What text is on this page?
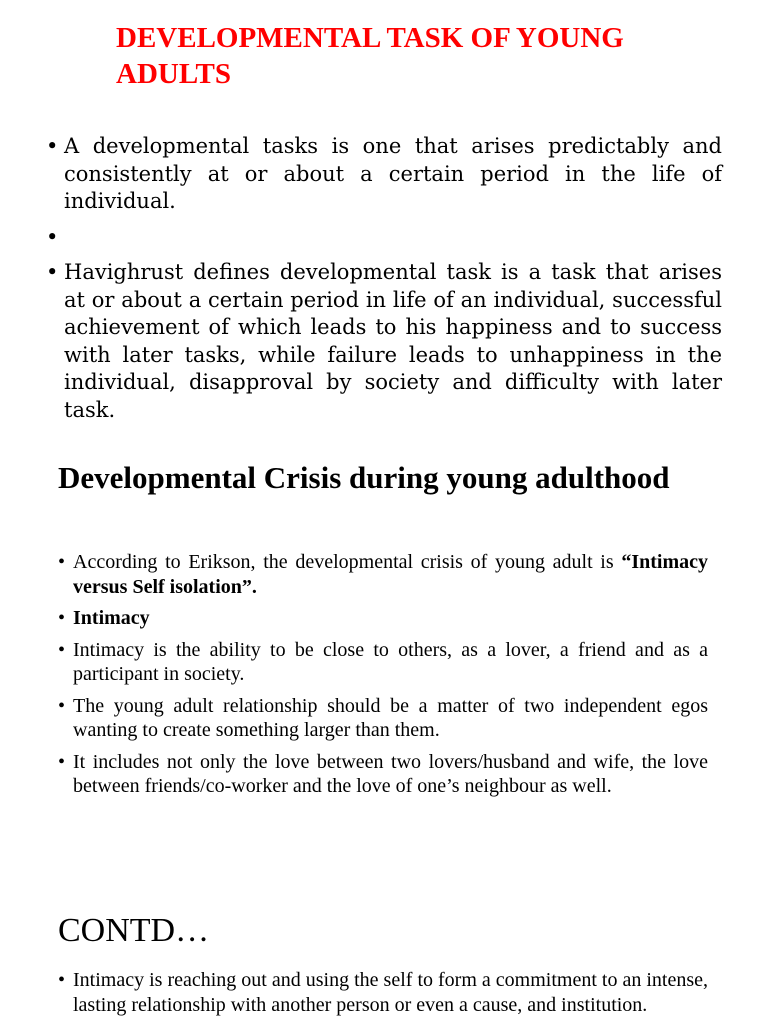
DEVELOPMENTAL TASK OF YOUNG ADULTS
• A developmental tasks is one that arises predictably and consistently at or about a certain period in the life of individual.
•
• Havighrust defines developmental task is a task that arises at or about a certain period in life of an individual, successful achievement of which leads to his happiness and to success with later tasks, while failure leads to unhappiness in the individual, disapproval by society and difficulty with later task.
Developmental Crisis during young adulthood
• According to Erikson, the developmental crisis of young adult is “Intimacy versus Self isolation”.
• Intimacy
• Intimacy is the ability to be close to others, as a lover, a friend and as a participant in society.
• The young adult relationship should be a matter of two independent egos wanting to create something larger than them.
• It includes not only the love between two lovers/husband and wife, the love between friends/co-worker and the love of one’s neighbour as well.
CONTD…
• Intimacy is reaching out and using the self to form a commitment to an intense, lasting relationship with another person or even a cause, and institution.
